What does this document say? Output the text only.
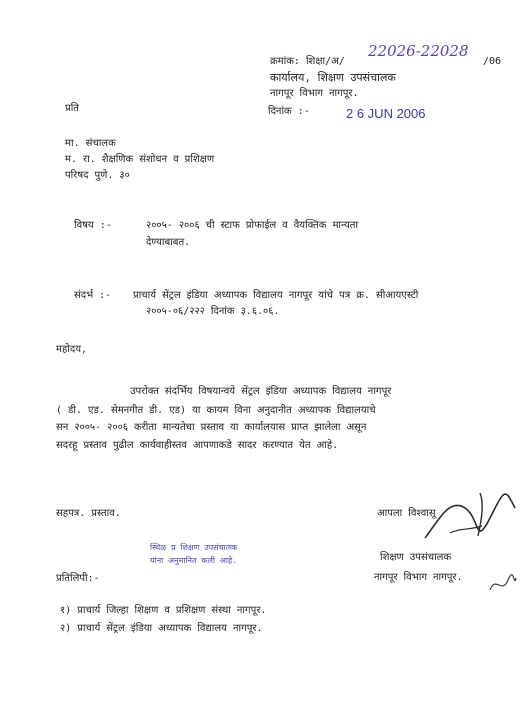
क्रमांक: शिक्षा/अ/
22026-22028
/06
कार्यालय, शिक्षण उपसंचालक
नागपूर विभाग नागपूर.
दिनांक :-	2 6 JUN 2006
प्रति
मा. संचालक
म. रा. शैक्षणिक संशोधन व प्रशिक्षण
परिषद पुणे. ३०
विषय :-	२००५- २००६ ची स्टाफ प्रोफाईल व वैयक्तिक मान्यता
देण्याबाबत.
संदर्भ :- प्राचार्य सेंट्रल इंडिया अध्यापक विद्यालय नागपूर यांचे पत्र क्र. सीआयएस्टी
२००५-०६/२२२ दिनांक ३.६.०६.
महोदय,
उपरोक्त संदर्भिय विषयान्वये सेंट्रल इंडिया अध्यापक विद्यालय नागपूर
( डी. एड. सेमनगीत डी. एड) या कायम विना अनुदानीत अध्यापक विद्यालयाचे
सन २००५- २००६ करीता मान्यतेचा प्रस्ताव या कार्यालयास प्राप्त झालेला असून
सदरहू प्रस्ताव पुढील कार्यवाहीस्तव आपणाकडे सादर करण्यात येत आहे.
आपला विश्वासू
सहपत्र. प्रस्ताव.
शिक्षण उपसंचालक
नागपूर विभाग नागपूर.
स्थिळ प्र शिक्षण उपसंचालक
यांना अनुमानित कली आहे.
प्रतिलिपी:-
१) प्राचार्य जिल्हा शिक्षण व प्रशिक्षण संस्था नागपूर.
२) प्राचार्य सेंट्रल इंडिया अध्यापक विद्यालय नागपूर.
